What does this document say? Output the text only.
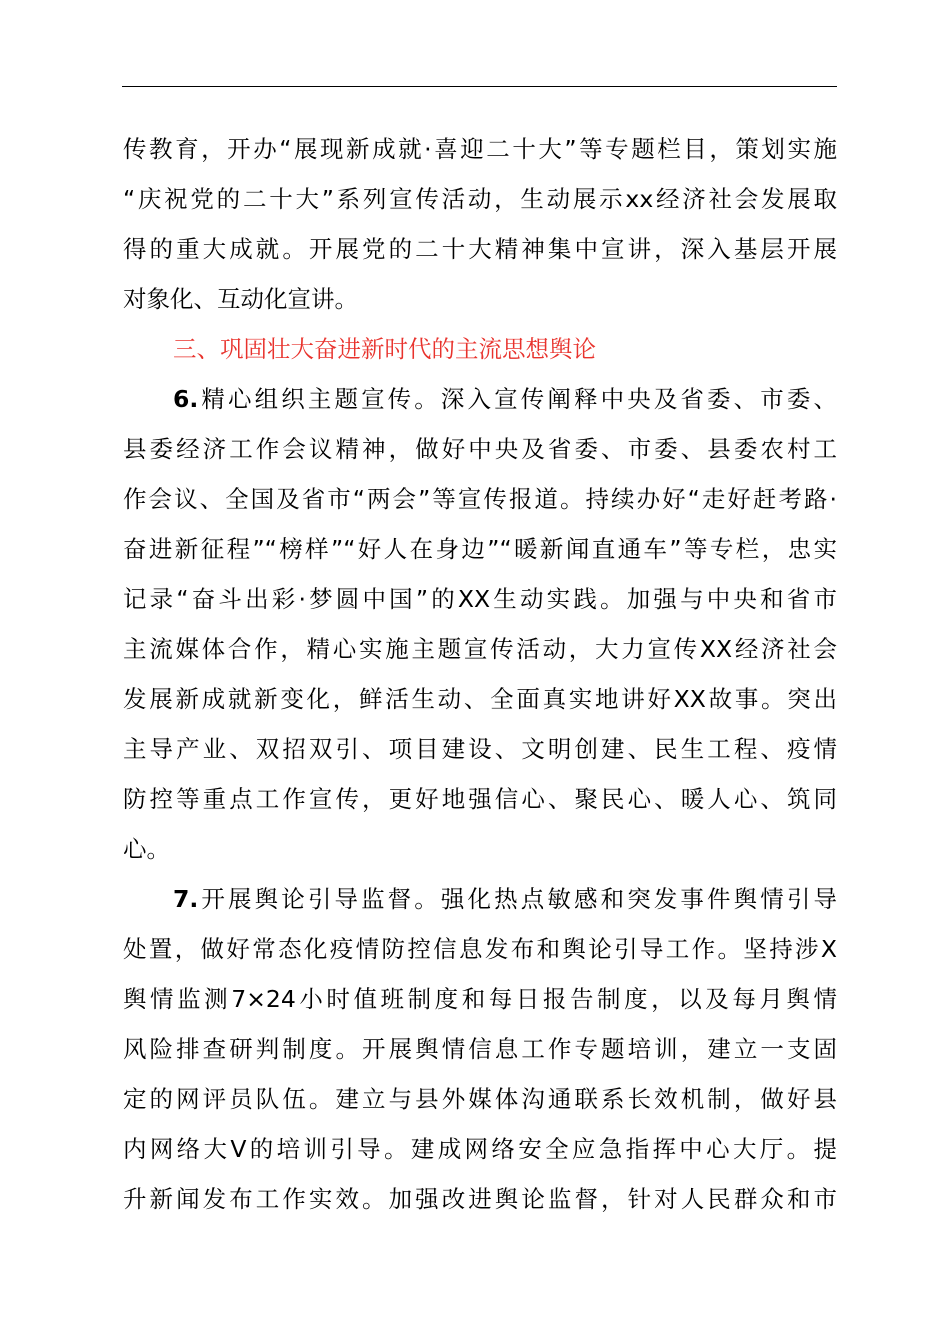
传教育，开办“展现新成就·喜迎二十大”等专题栏目，策划实施
“庆祝党的二十大”系列宣传活动，生动展示xx经济社会发展取
得的重大成就。开展党的二十大精神集中宣讲，深入基层开展
对象化、互动化宣讲。
三、巩固壮大奋进新时代的主流思想舆论
6.精心组织主题宣传。深入宣传阐释中央及省委、市委、
县委经济工作会议精神，做好中央及省委、市委、县委农村工
作会议、全国及省市“两会”等宣传报道。持续办好“走好赶考路·
奋进新征程”“榜样”“好人在身边”“暖新闻直通车”等专栏，忠实
记录“奋斗出彩·梦圆中国”的XX生动实践。加强与中央和省市
主流媒体合作，精心实施主题宣传活动，大力宣传XX经济社会
发展新成就新变化，鲜活生动、全面真实地讲好XX故事。突出
主导产业、双招双引、项目建设、文明创建、民生工程、疫情
防控等重点工作宣传，更好地强信心、聚民心、暖人心、筑同
心。
7.开展舆论引导监督。强化热点敏感和突发事件舆情引导
处置，做好常态化疫情防控信息发布和舆论引导工作。坚持涉X
舆情监测7×24小时值班制度和每日报告制度，以及每月舆情
风险排查研判制度。开展舆情信息工作专题培训，建立一支固
定的网评员队伍。建立与县外媒体沟通联系长效机制，做好县
内网络大V的培训引导。建成网络安全应急指挥中心大厅。提
升新闻发布工作实效。加强改进舆论监督，针对人民群众和市
